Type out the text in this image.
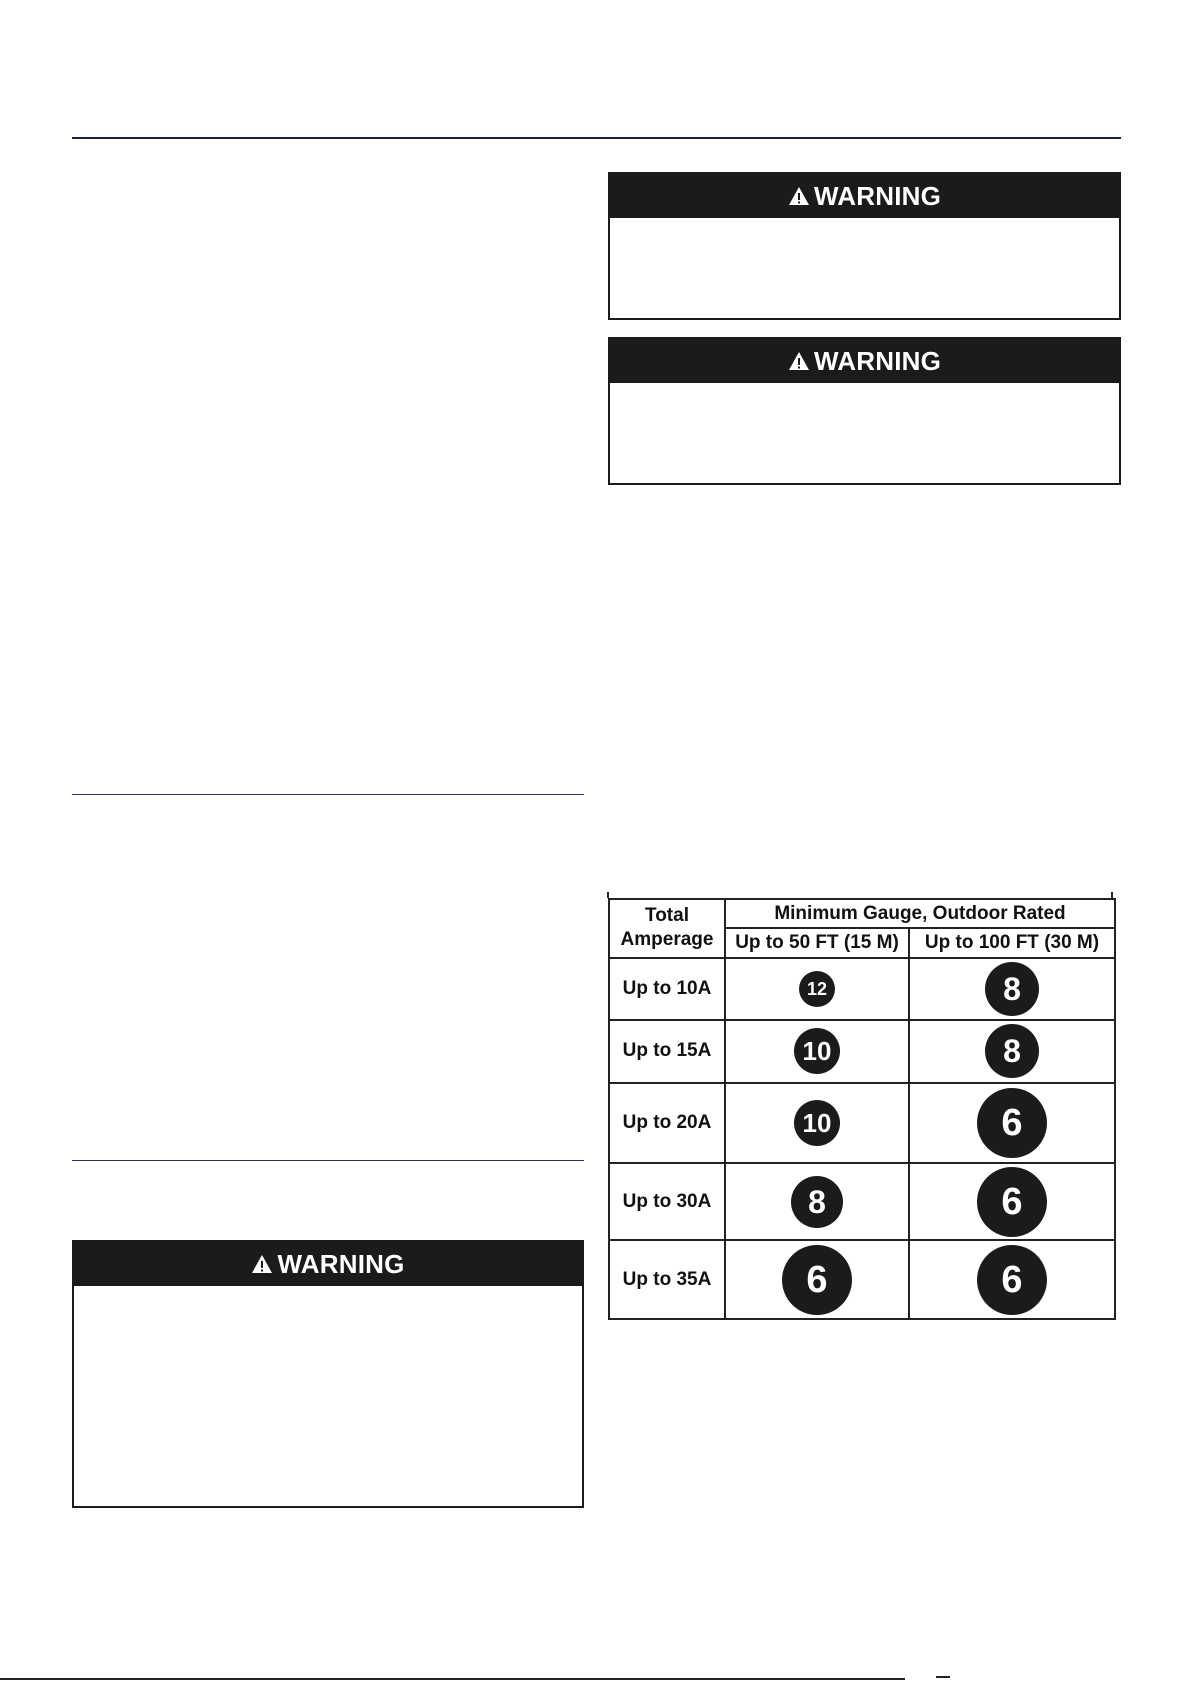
WARNING
WARNING
WARNING
Total Amperage	Minimum Gauge, Outdoor Rated	
	Up to 50 FT (15 M)	Up to 100 FT (30 M)
Up to 10A	12	8
Up to 15A	10	8
Up to 20A	10	6
Up to 30A	8	6
Up to 35A	6	6
